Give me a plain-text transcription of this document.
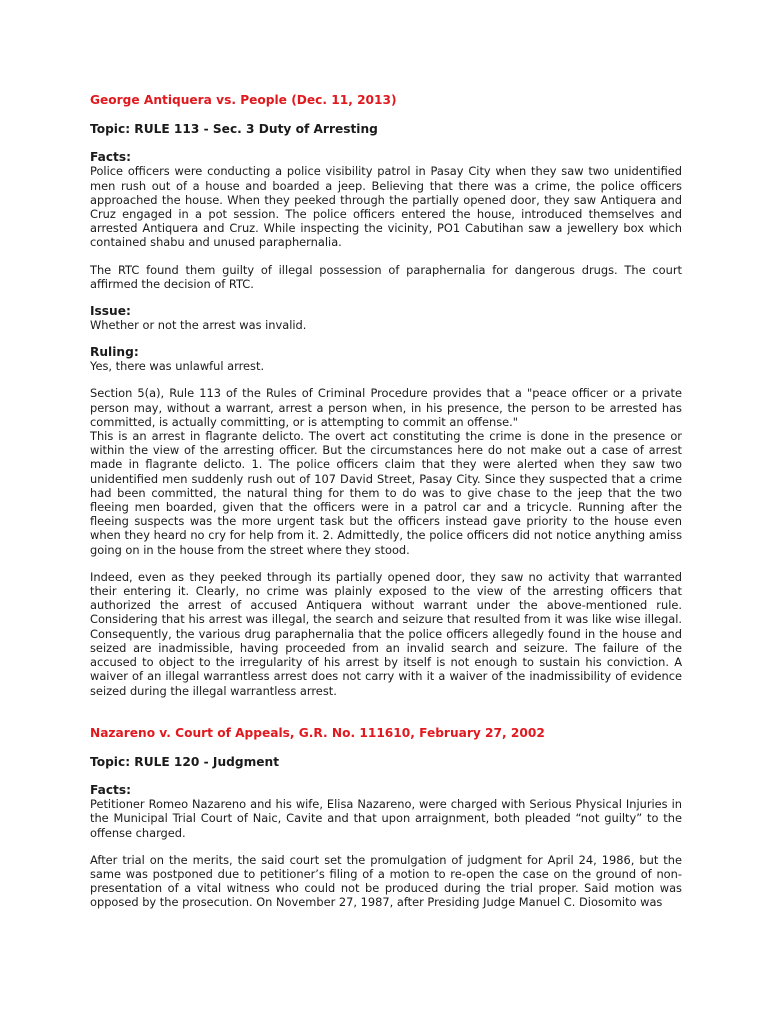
George Antiquera vs. People (Dec. 11, 2013)
Topic: RULE 113 - Sec. 3 Duty of Arresting
Facts:

Police officers were conducting a police visibility patrol in Pasay City when they saw two unidentified men rush out of a house and boarded a jeep. Believing that there was a crime, the police officers approached the house. When they peeked through the partially opened door, they saw Antiquera and Cruz engaged in a pot session. The police officers entered the house, introduced themselves and arrested Antiquera and Cruz. While inspecting the vicinity, PO1 Cabutihan saw a jewellery box which contained shabu and unused paraphernalia.

The RTC found them guilty of illegal possession of paraphernalia for dangerous drugs. The court affirmed the decision of RTC.

Issue:

Whether or not the arrest was invalid.

Ruling:

Yes, there was unlawful arrest.

Section 5(a), Rule 113 of the Rules of Criminal Procedure provides that a "peace officer or a private person may, without a warrant, arrest a person when, in his presence, the person to be arrested has committed, is actually committing, or is attempting to commit an offense."

This is an arrest in flagrante delicto. The overt act constituting the crime is done in the presence or within the view of the arresting officer. But the circumstances here do not make out a case of arrest made in flagrante delicto. 1. The police officers claim that they were alerted when they saw two unidentified men suddenly rush out of 107 David Street, Pasay City. Since they suspected that a crime had been committed, the natural thing for them to do was to give chase to the jeep that the two fleeing men boarded, given that the officers were in a patrol car and a tricycle. Running after the fleeing suspects was the more urgent task but the officers instead gave priority to the house even when they heard no cry for help from it. 2. Admittedly, the police officers did not notice anything amiss going on in the house from the street where they stood.

Indeed, even as they peeked through its partially opened door, they saw no activity that warranted their entering it. Clearly, no crime was plainly exposed to the view of the arresting officers that authorized the arrest of accused Antiquera without warrant under the above-mentioned rule. Considering that his arrest was illegal, the search and seizure that resulted from it was like wise illegal. Consequently, the various drug paraphernalia that the police officers allegedly found in the house and seized are inadmissible, having proceeded from an invalid search and seizure. The failure of the accused to object to the irregularity of his arrest by itself is not enough to sustain his conviction. A waiver of an illegal warrantless arrest does not carry with it a waiver of the inadmissibility of evidence seized during the illegal warrantless arrest.

Nazareno v. Court of Appeals, G.R. No. 111610, February 27, 2002
Topic: RULE 120 - Judgment
Facts:

Petitioner Romeo Nazareno and his wife, Elisa Nazareno, were charged with Serious Physical Injuries in the Municipal Trial Court of Naic, Cavite and that upon arraignment, both pleaded “not guilty” to the offense charged.

After trial on the merits, the said court set the promulgation of judgment for April 24, 1986, but the same was postponed due to petitioner’s filing of a motion to re-open the case on the ground of non-presentation of a vital witness who could not be produced during the trial proper. Said motion was opposed by the prosecution. On November 27, 1987, after Presiding Judge Manuel C. Diosomito was
